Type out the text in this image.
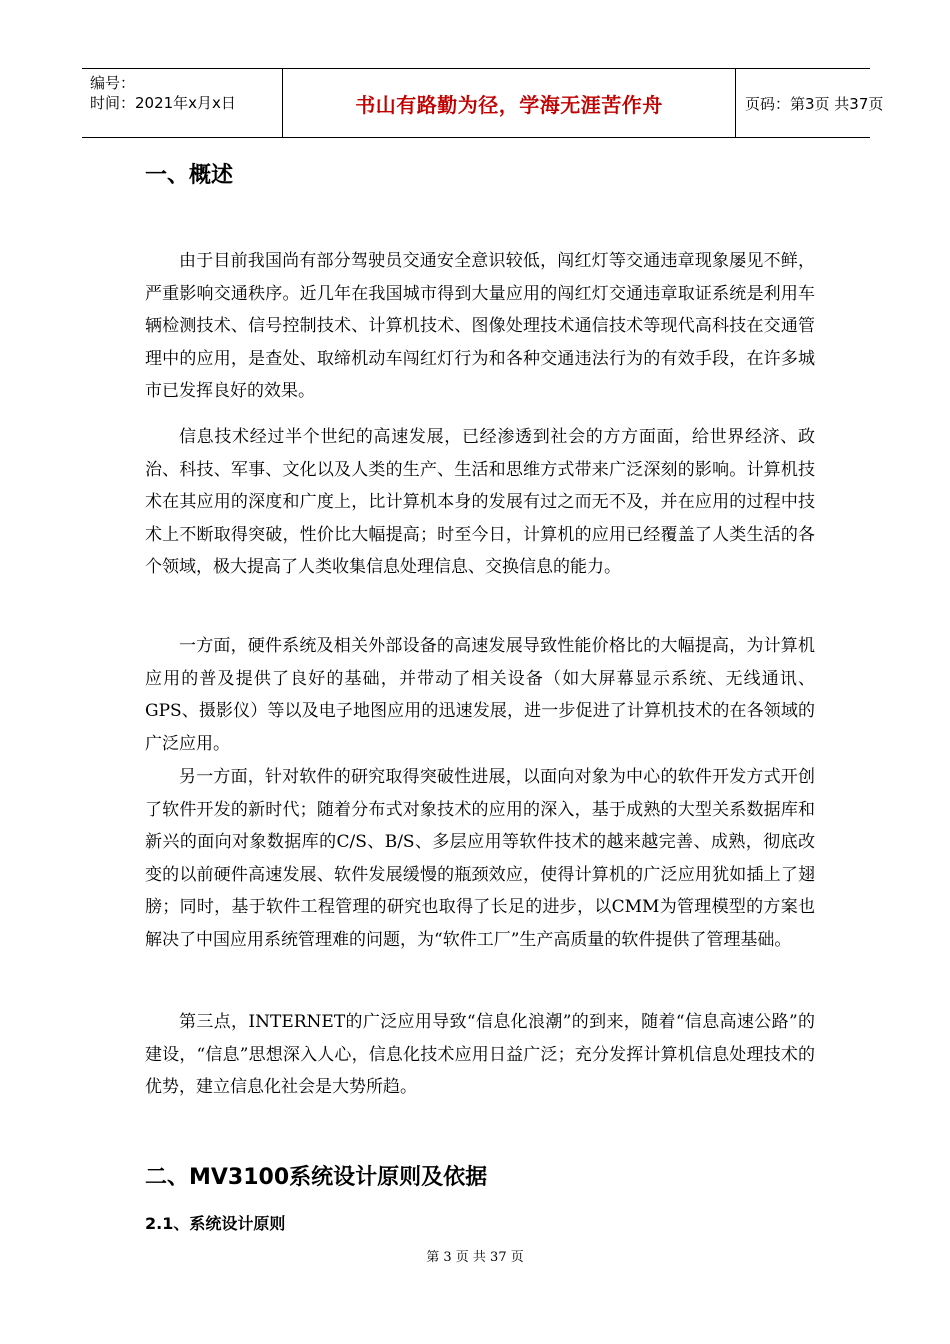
编号：
时间：2021年x月x日	书山有路勤为径，学海无涯苦作舟	页码：第3页 共37页
一、概述

由于目前我国尚有部分驾驶员交通安全意识较低，闯红灯等交通违章现象屡见不鲜，严重影响交通秩序。近几年在我国城市得到大量应用的闯红灯交通违章取证系统是利用车辆检测技术、信号控制技术、计算机技术、图像处理技术通信技术等现代高科技在交通管理中的应用，是查处、取缔机动车闯红灯行为和各种交通违法行为的有效手段，在许多城市已发挥良好的效果。

信息技术经过半个世纪的高速发展，已经渗透到社会的方方面面，给世界经济、政治、科技、军事、文化以及人类的生产、生活和思维方式带来广泛深刻的影响。计算机技术在其应用的深度和广度上，比计算机本身的发展有过之而无不及，并在应用的过程中技术上不断取得突破，性价比大幅提高；时至今日，计算机的应用已经覆盖了人类生活的各个领域，极大提高了人类收集信息处理信息、交换信息的能力。

一方面，硬件系统及相关外部设备的高速发展导致性能价格比的大幅提高，为计算机应用的普及提供了良好的基础，并带动了相关设备（如大屏幕显示系统、无线通讯、GPS、摄影仪）等以及电子地图应用的迅速发展，进一步促进了计算机技术的在各领域的广泛应用。

另一方面，针对软件的研究取得突破性进展，以面向对象为中心的软件开发方式开创了软件开发的新时代；随着分布式对象技术的应用的深入，基于成熟的大型关系数据库和新兴的面向对象数据库的C/S、B/S、多层应用等软件技术的越来越完善、成熟，彻底改变的以前硬件高速发展、软件发展缓慢的瓶颈效应，使得计算机的广泛应用犹如插上了翅膀；同时，基于软件工程管理的研究也取得了长足的进步，以CMM为管理模型的方案也解决了中国应用系统管理难的问题，为“软件工厂”生产高质量的软件提供了管理基础。

第三点，INTERNET的广泛应用导致“信息化浪潮”的到来，随着“信息高速公路”的建设，“信息”思想深入人心，信息化技术应用日益广泛；充分发挥计算机信息处理技术的优势，建立信息化社会是大势所趋。

二、MV3100系统设计原则及依据
2.1、系统设计原则
第 3 页 共 37 页
